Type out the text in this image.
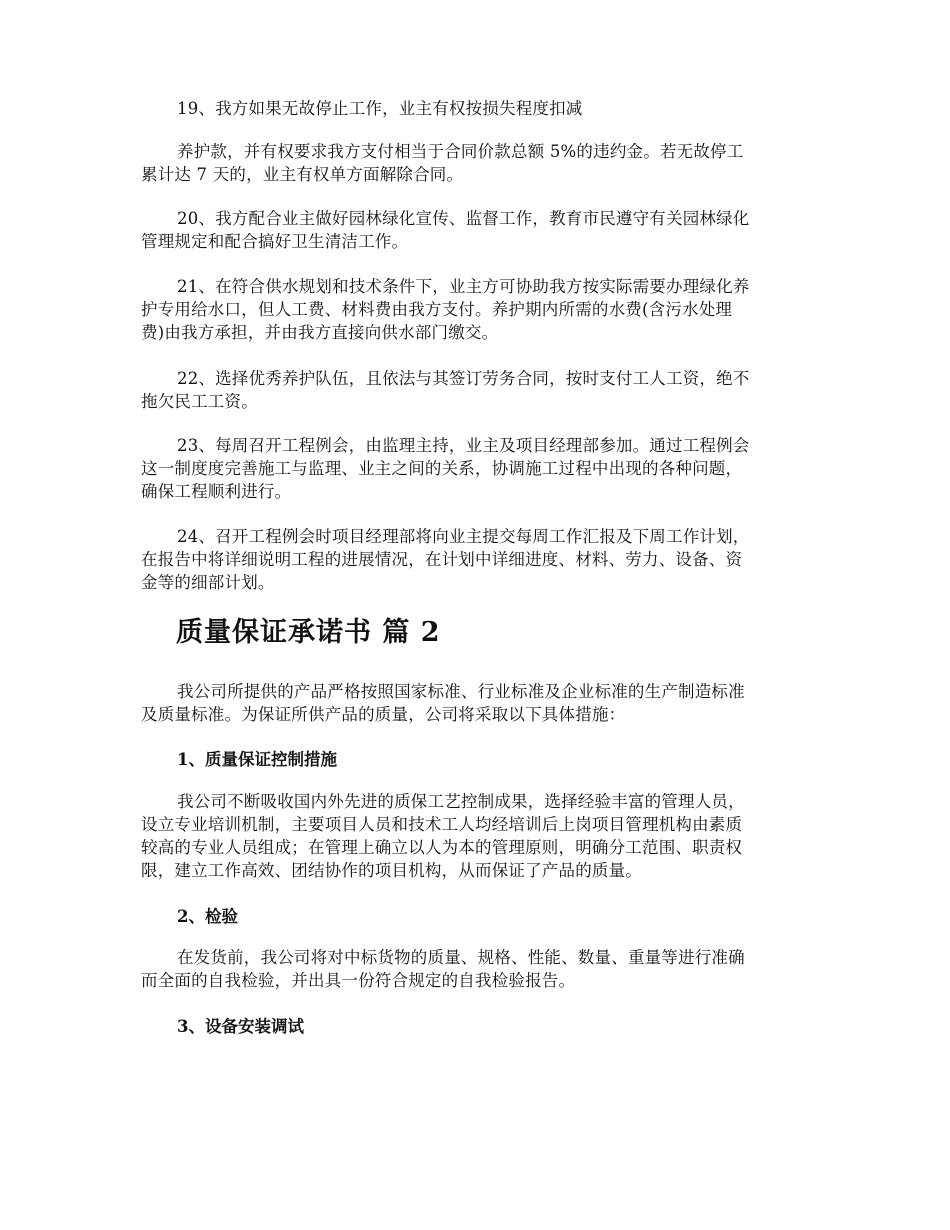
19、我方如果无故停止工作，业主有权按损失程度扣减

养护款，并有权要求我方支付相当于合同价款总额 5%的违约金。若无故停工
累计达 7 天的，业主有权单方面解除合同。

20、我方配合业主做好园林绿化宣传、监督工作，教育市民遵守有关园林绿化
管理规定和配合搞好卫生清洁工作。

21、在符合供水规划和技术条件下，业主方可协助我方按实际需要办理绿化养
护专用给水口，但人工费、材料费由我方支付。养护期内所需的水费(含污水处理
费)由我方承担，并由我方直接向供水部门缴交。

22、选择优秀养护队伍，且依法与其签订劳务合同，按时支付工人工资，绝不
拖欠民工工资。

23、每周召开工程例会，由监理主持，业主及项目经理部参加。通过工程例会
这一制度度完善施工与监理、业主之间的关系，协调施工过程中出现的各种问题，
确保工程顺利进行。

24、召开工程例会时项目经理部将向业主提交每周工作汇报及下周工作计划，
在报告中将详细说明工程的进展情况，在计划中详细进度、材料、劳力、设备、资
金等的细部计划。

质量保证承诺书 篇 2

我公司所提供的产品严格按照国家标准、行业标准及企业标准的生产制造标准
及质量标准。为保证所供产品的质量，公司将采取以下具体措施：

1、质量保证控制措施

我公司不断吸收国内外先进的质保工艺控制成果，选择经验丰富的管理人员，
设立专业培训机制，主要项目人员和技术工人均经培训后上岗项目管理机构由素质
较高的专业人员组成；在管理上确立以人为本的管理原则，明确分工范围、职责权
限，建立工作高效、团结协作的项目机构，从而保证了产品的质量。

2、检验

在发货前，我公司将对中标货物的质量、规格、性能、数量、重量等进行准确
而全面的自我检验，并出具一份符合规定的自我检验报告。

3、设备安装调试
